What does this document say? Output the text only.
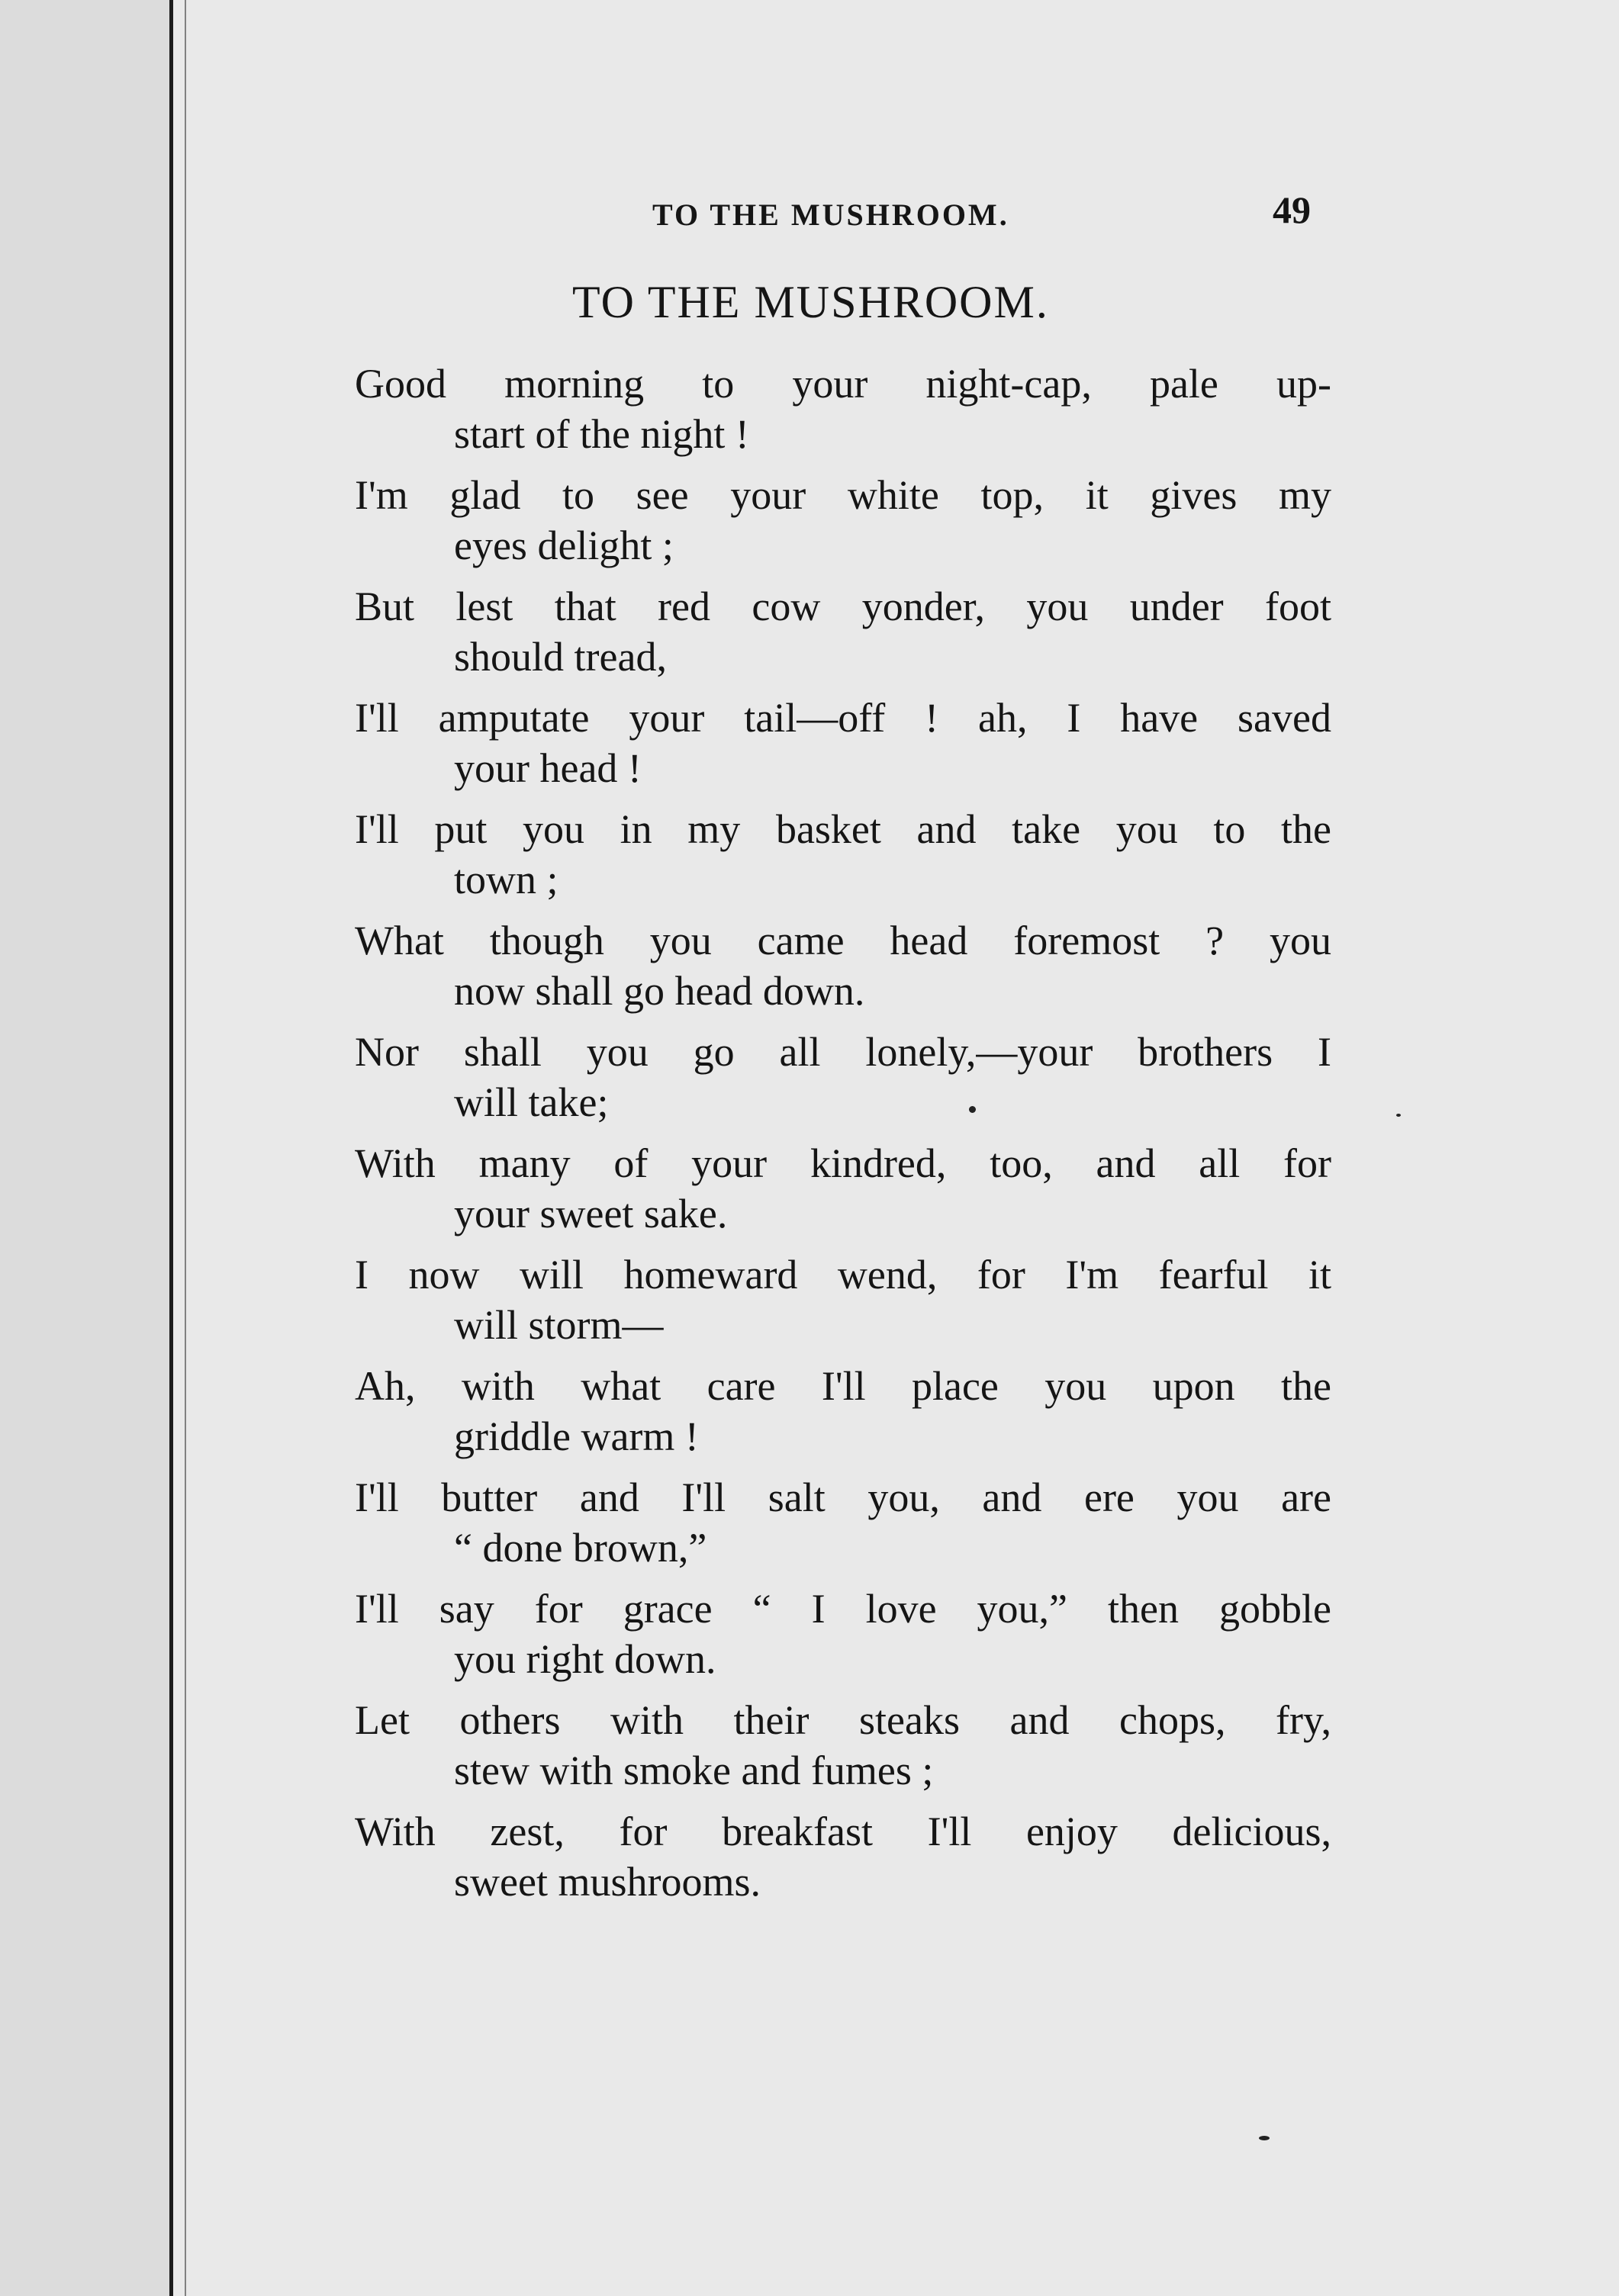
TO THE MUSHROOM.	49
TO THE MUSHROOM.
Good morning to your night-cap, pale up-
start of the night !
I'm glad to see your white top, it gives my
eyes delight ;
But lest that red cow yonder, you under foot
should tread,
I'll amputate your tail—off ! ah, I have saved
your head !
I'll put you in my basket and take you to the
town ;
What though you came head foremost ? you
now shall go head down.
Nor shall you go all lonely,—your brothers I
will take;
With many of your kindred, too, and all for
your sweet sake.
I now will homeward wend, for I'm fearful it
will storm—
Ah, with what care I'll place you upon the
griddle warm !
I'll butter and I'll salt you, and ere you are
“ done brown,”
I'll say for grace “ I love you,” then gobble
you right down.
Let others with their steaks and chops, fry,
stew with smoke and fumes ;
With zest, for breakfast I'll enjoy delicious,
sweet mushrooms.
